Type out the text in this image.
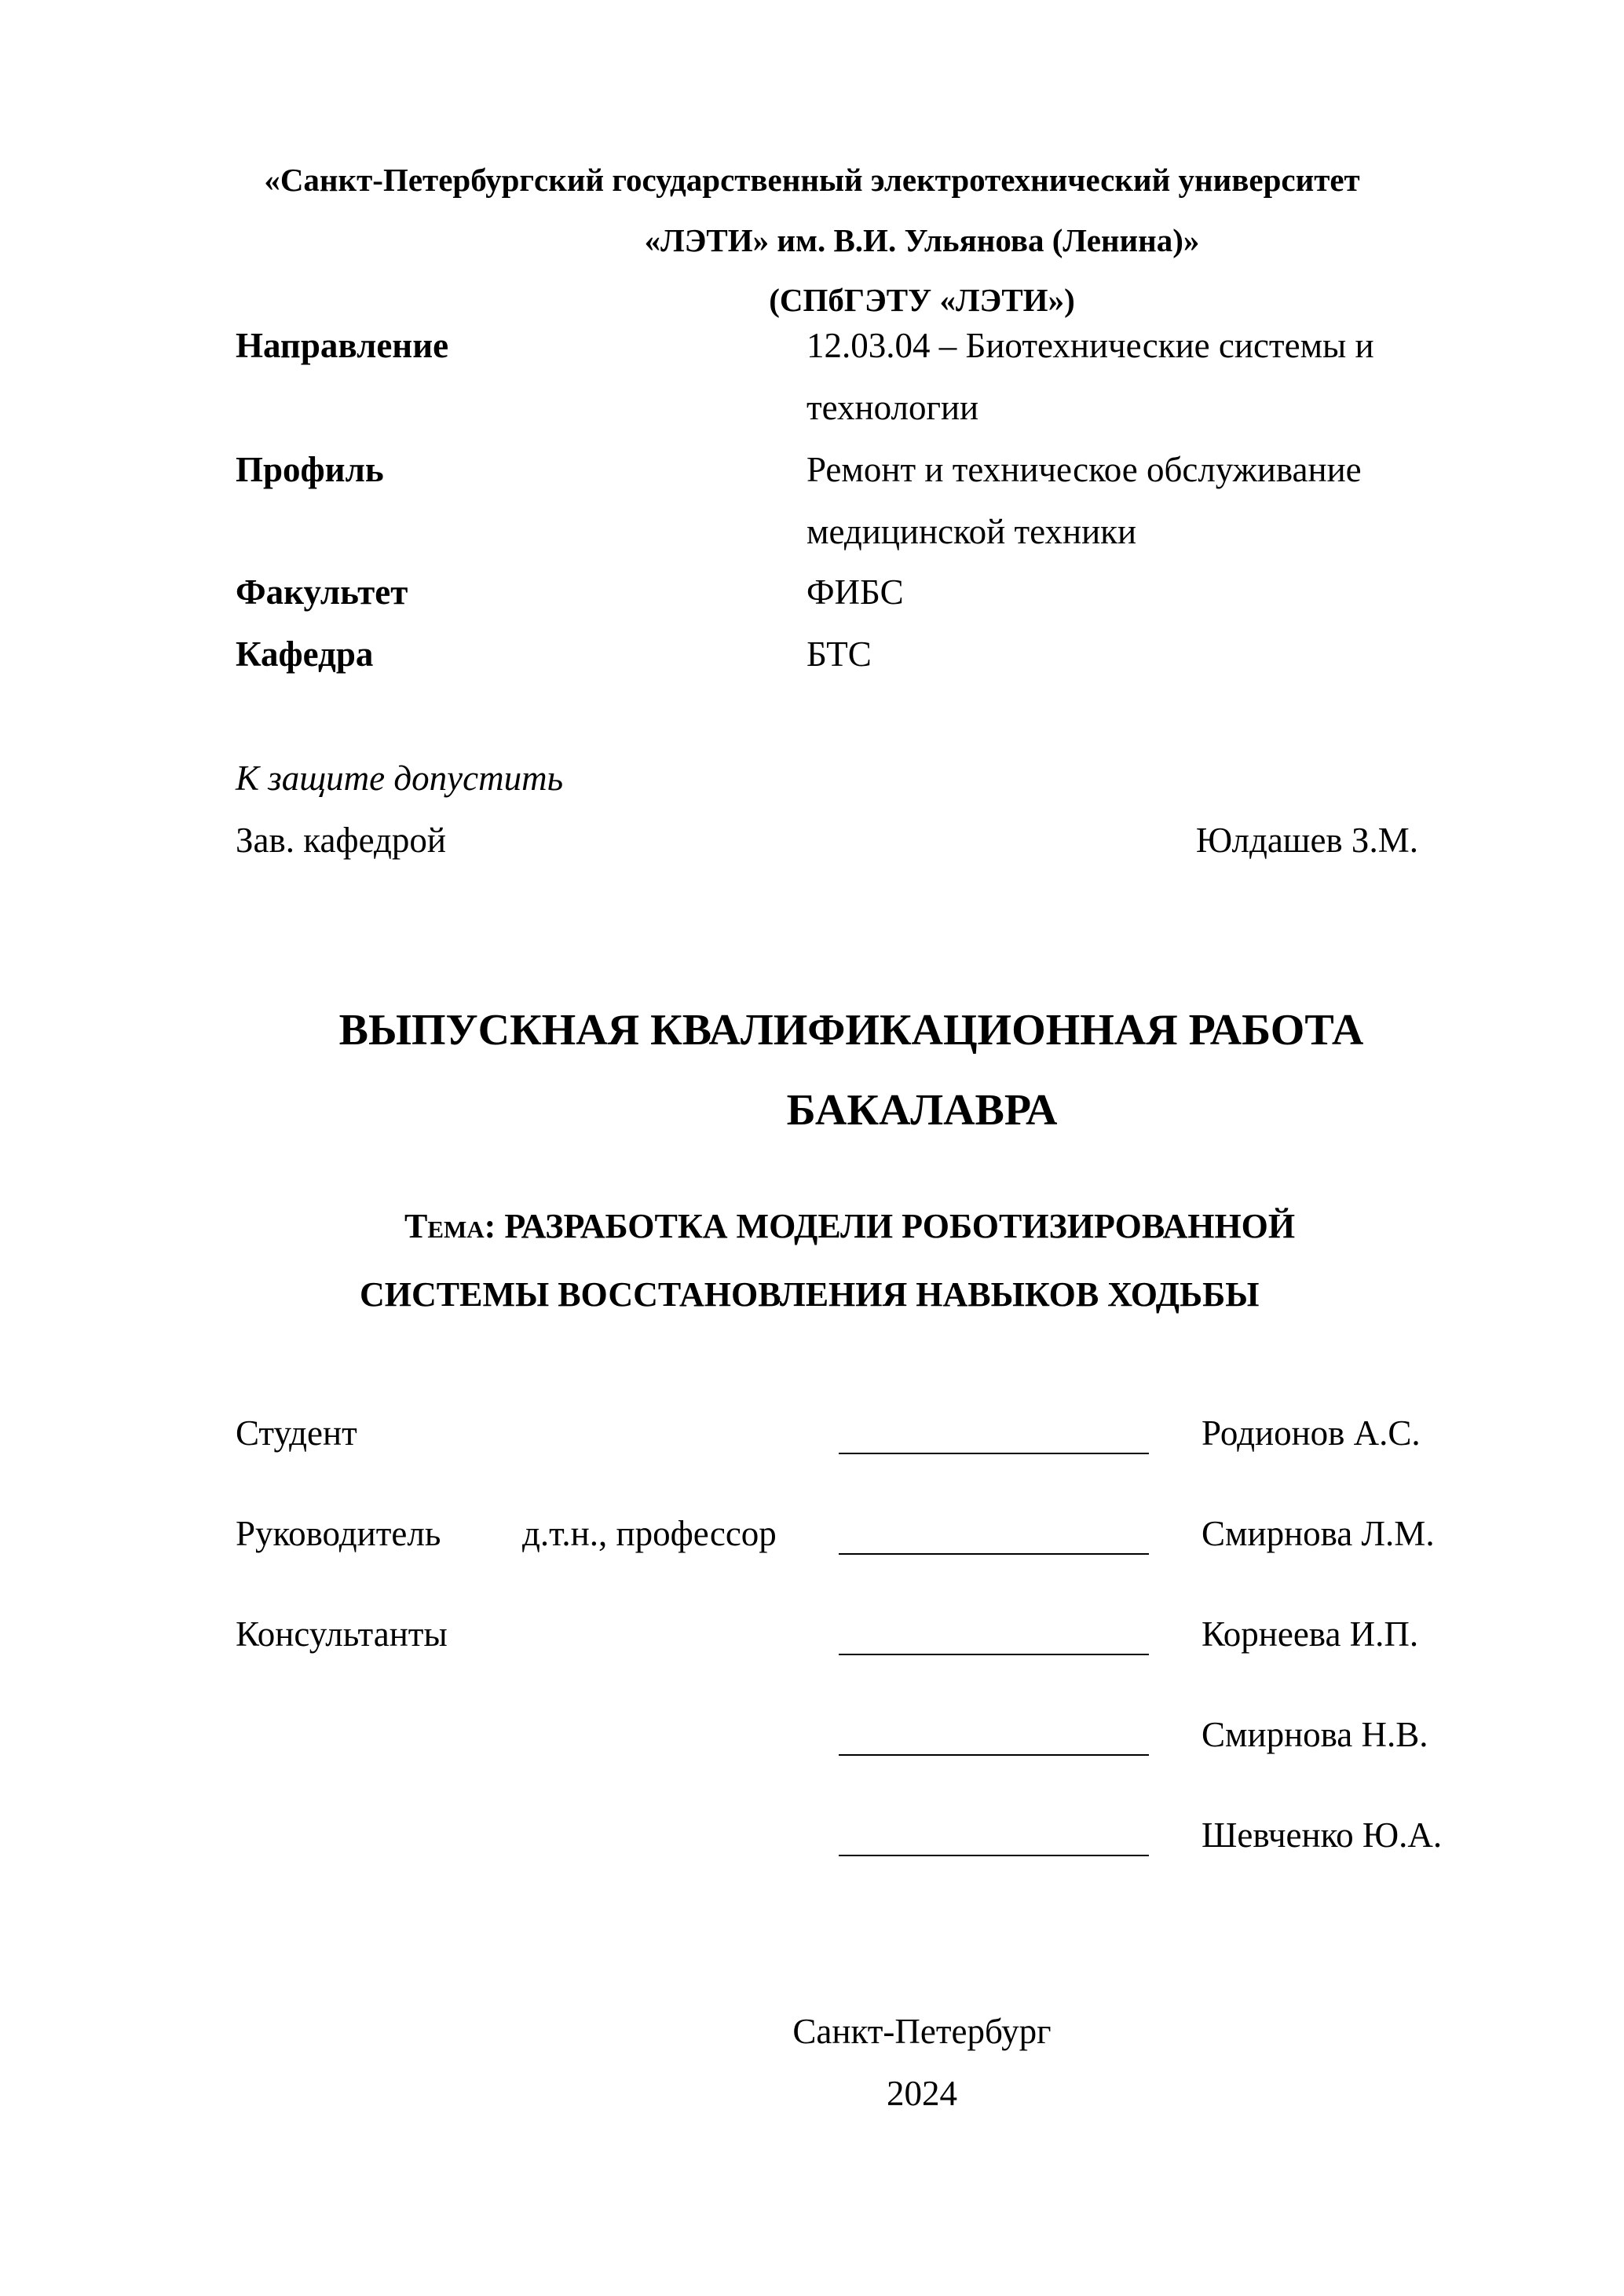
«Санкт-Петербургский государственный электротехнический университет
«ЛЭТИ» им. В.И. Ульянова (Ленина)»
(СПбГЭТУ «ЛЭТИ»)
Направление	12.03.04 – Биотехнические системы и
технологии
Профиль	Ремонт и техническое обслуживание
медицинской техники
Факультет	ФИБС
Кафедра	БТС
К защите допустить
Зав. кафедрой	Юлдашев З.М.
ВЫПУСКНАЯ КВАЛИФИКАЦИОННАЯ РАБОТА
БАКАЛАВРА
Тема: РАЗРАБОТКА МОДЕЛИ РОБОТИЗИРОВАННОЙ
СИСТЕМЫ ВОССТАНОВЛЕНИЯ НАВЫКОВ ХОДЬБЫ
Студент	Родионов А.С.
Руководитель д.т.н., профессор	Смирнова Л.М.
Консультанты	Корнеева И.П.
Смирнова Н.В.
Шевченко Ю.А.
Санкт-Петербург
2024
